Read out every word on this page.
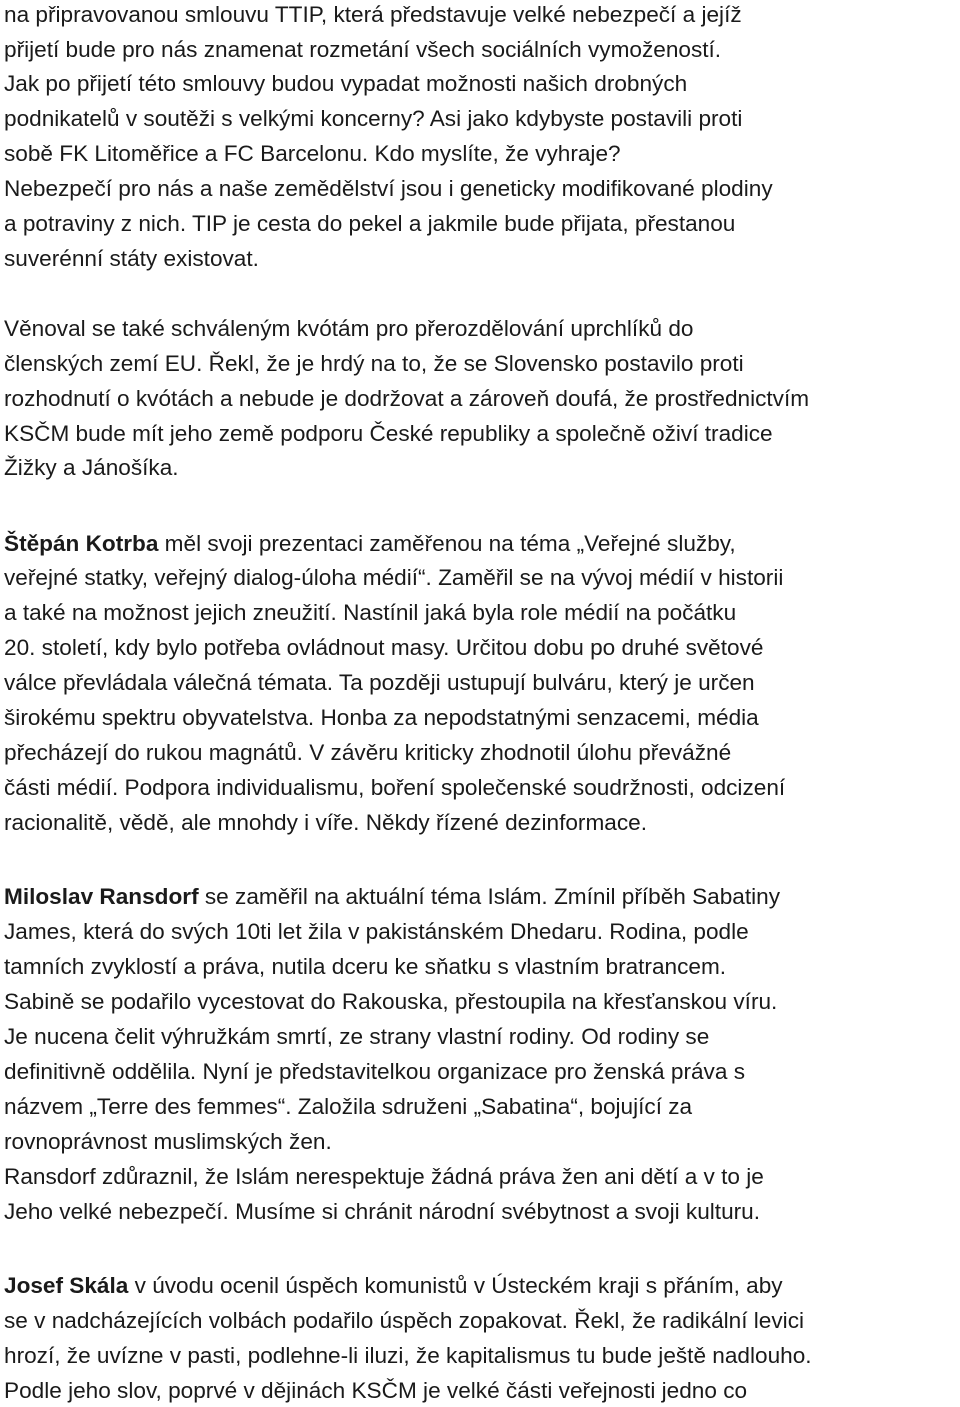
na připravovanou smlouvu TTIP, která představuje velké nebezpečí a jejíž
přijetí bude pro nás znamenat rozmetání všech sociálních vymožeností.
Jak po přijetí této smlouvy budou vypadat možnosti našich drobných
podnikatelů v soutěži s velkými koncerny? Asi jako kdybyste postavili proti
sobě FK Litoměřice a FC Barcelonu. Kdo myslíte, že vyhraje?
Nebezpečí pro nás a naše zemědělství jsou i geneticky modifikované plodiny
a potraviny z nich. TIP je cesta do pekel a jakmile bude přijata, přestanou
suverénní státy existovat.
Věnoval se také schváleným kvótám pro přerozdělování uprchlíků do
členských zemí EU. Řekl, že je hrdý na to, že se Slovensko postavilo proti
rozhodnutí o kvótách a nebude je dodržovat a zároveň doufá, že prostřednictvím
KSČM bude mít jeho země podporu České republiky a společně oživí tradice
Žižky a Jánošíka.
Štěpán Kotrba měl svoji prezentaci zaměřenou na téma „Veřejné služby,
veřejné statky, veřejný dialog-úloha médií“. Zaměřil se na vývoj médií v historii
a také na možnost jejich zneužití. Nastínil jaká byla role médií na počátku
20. století, kdy bylo potřeba ovládnout masy. Určitou dobu po druhé světové
válce převládala válečná témata. Ta později ustupují bulváru, který je určen
širokému spektru obyvatelstva. Honba za nepodstatnými senzacemi, média
přecházejí do rukou magnátů. V závěru kriticky zhodnotil úlohu převážné
části médií. Podpora individualismu, boření společenské soudržnosti, odcizení
racionalitě, vědě, ale mnohdy i víře. Někdy řízené dezinformace.
Miloslav Ransdorf se zaměřil na aktuální téma Islám. Zmínil příběh Sabatiny
James, která do svých 10ti let žila v pakistánském Dhedaru. Rodina, podle
tamních zvyklostí a práva, nutila dceru ke sňatku s vlastním bratrancem.
Sabině se podařilo vycestovat do Rakouska, přestoupila na křesťanskou víru.
Je nucena čelit výhružkám smrtí, ze strany vlastní rodiny. Od rodiny se
definitivně oddělila. Nyní je představitelkou organizace pro ženská práva s
názvem „Terre des femmes“. Založila sdruženi „Sabatina“, bojující za
rovnoprávnost muslimských žen.
Ransdorf zdůraznil, že Islám nerespektuje žádná práva žen ani dětí a v to je
Jeho velké nebezpečí. Musíme si chránit národní svébytnost a svoji kulturu.
Josef Skála v úvodu ocenil úspěch komunistů v Ústeckém kraji s přáním, aby
se v nadcházejících volbách podařilo úspěch zopakovat. Řekl, že radikální levici
hrozí, že uvízne v pasti, podlehne-li iluzi, že kapitalismus tu bude ještě nadlouho.
Podle jeho slov, poprvé v dějinách KSČM je velké části veřejnosti jedno co
